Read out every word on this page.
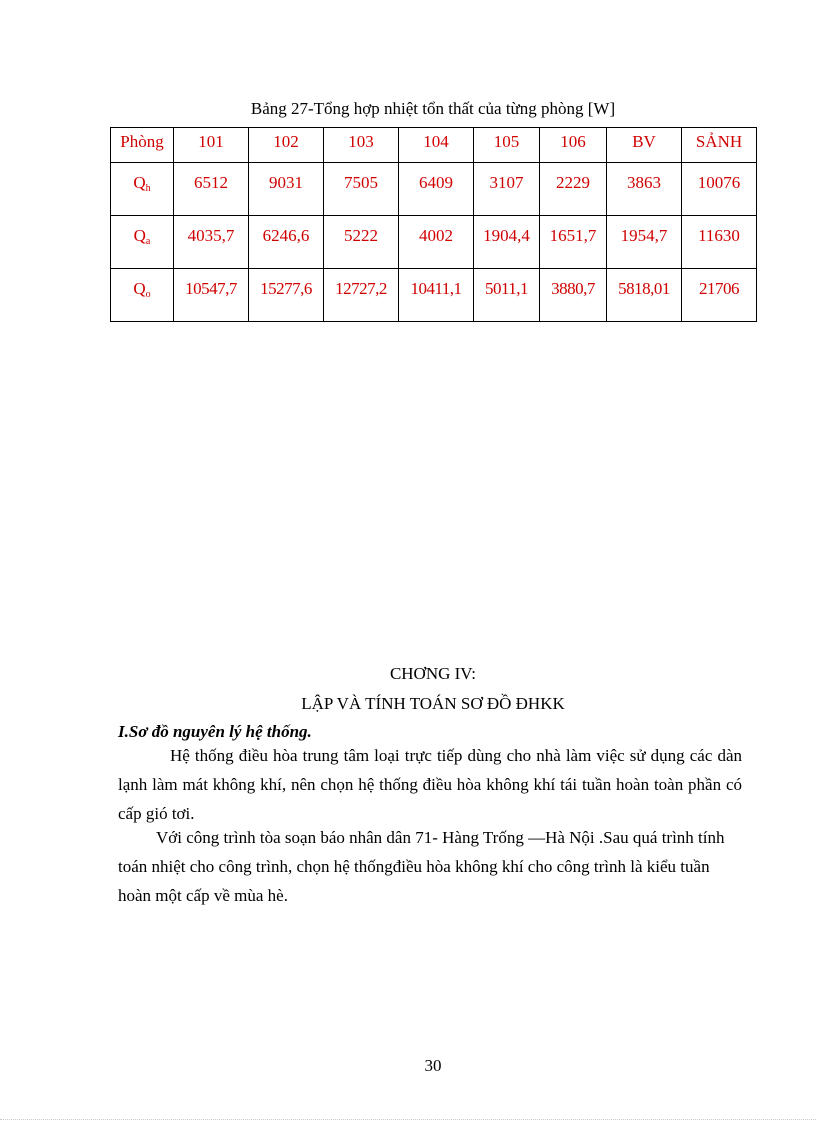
Bảng 27-Tổng hợp nhiệt tổn thất của từng phòng [W]
Phòng	101	102	103	104	105	106	BV	SẢNH
$Q_h$	6512	9031	7505	6409	3107	2229	3863	10076
$Q_a$	4035,7	6246,6	5222	4002	1904,4	1651,7	1954,7	11630
$Q_o$	10547,7	15277,6	12727,2	10411,1	5011,1	3880,7	5818,01	21706
CHƠNG IV:
LẬP VÀ TÍNH TOÁN SƠ ĐỒ ĐHKK
I.Sơ đồ nguyên lý hệ thống.
Hệ thống điều hòa trung tâm loại trực tiếp dùng cho nhà làm việc sử dụng các dàn lạnh làm mát không khí, nên chọn hệ thống điều hòa không khí tái tuần hoàn toàn phần có cấp gió tơi.
Với công trình tòa soạn báo nhân dân 71- Hàng Trống —Hà Nội .Sau quá trình tính toán nhiệt cho công trình, chọn hệ thốngđiều hòa không khí cho công trình là kiểu tuần hoàn một cấp về mùa hè.
30
